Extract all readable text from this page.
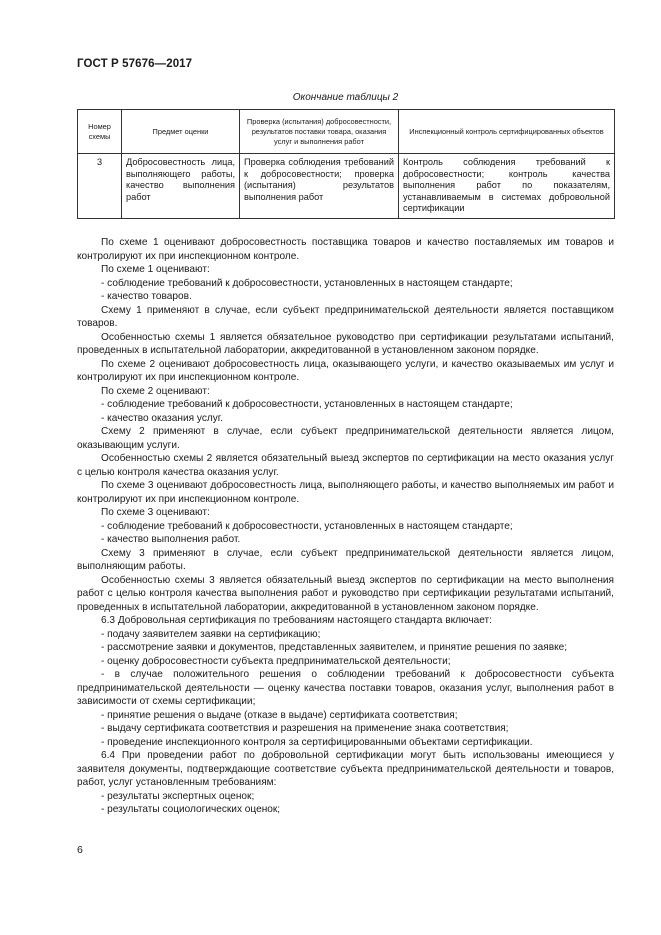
ГОСТ Р 57676—2017
Окончание таблицы 2
Номер схемы	Предмет оценки	Проверка (испытания) добросовестности, результатов поставки товара, оказания услуг и выполнения работ	Инспекционный контроль сертифицированных объектов
3	Добросовестность лица, выполняющего работы, качество выполнения работ	Проверка соблюдения требований к добросовестности; проверка (испытания) результатов выполнения работ	Контроль соблюдения требований к добросовестности; контроль качества выполнения работ по показателям, устанавливаемым в системах добровольной сертификации

По схеме 1 оценивают добросовестность поставщика товаров и качество поставляемых им товаров и контролируют их при инспекционном контроле.

По схеме 1 оценивают:

- соблюдение требований к добросовестности, установленных в настоящем стандарте;

- качество товаров.

Схему 1 применяют в случае, если субъект предпринимательской деятельности является поставщиком товаров.

Особенностью схемы 1 является обязательное руководство при сертификации результатами испытаний, проведенных в испытательной лаборатории, аккредитованной в установленном законом порядке.

По схеме 2 оценивают добросовестность лица, оказывающего услуги, и качество оказываемых им услуг и контролируют их при инспекционном контроле.

По схеме 2 оценивают:

- соблюдение требований к добросовестности, установленных в настоящем стандарте;

- качество оказания услуг.

Схему 2 применяют в случае, если субъект предпринимательской деятельности является лицом, оказывающим услуги.

Особенностью схемы 2 является обязательный выезд экспертов по сертификации на место оказания услуг с целью контроля качества оказания услуг.

По схеме 3 оценивают добросовестность лица, выполняющего работы, и качество выполняемых им работ и контролируют их при инспекционном контроле.

По схеме 3 оценивают:

- соблюдение требований к добросовестности, установленных в настоящем стандарте;

- качество выполнения работ.

Схему 3 применяют в случае, если субъект предпринимательской деятельности является лицом, выполняющим работы.

Особенностью схемы 3 является обязательный выезд экспертов по сертификации на место выполнения работ с целью контроля качества выполнения работ и руководство при сертификации результатами испытаний, проведенных в испытательной лаборатории, аккредитованной в установленном законом порядке.

6.3 Добровольная сертификация по требованиям настоящего стандарта включает:

- подачу заявителем заявки на сертификацию;

- рассмотрение заявки и документов, представленных заявителем, и принятие решения по заявке;

- оценку добросовестности субъекта предпринимательской деятельности;

- в случае положительного решения о соблюдении требований к добросовестности субъекта предпринимательской деятельности — оценку качества поставки товаров, оказания услуг, выполнения работ в зависимости от схемы сертификации;

- принятие решения о выдаче (отказе в выдаче) сертификата соответствия;

- выдачу сертификата соответствия и разрешения на применение знака соответствия;

- проведение инспекционного контроля за сертифицированными объектами сертификации.

6.4 При проведении работ по добровольной сертификации могут быть использованы имеющиеся у заявителя документы, подтверждающие соответствие субъекта предпринимательской деятельности и товаров, работ, услуг установленным требованиям:

- результаты экспертных оценок;

- результаты социологических оценок;

6
